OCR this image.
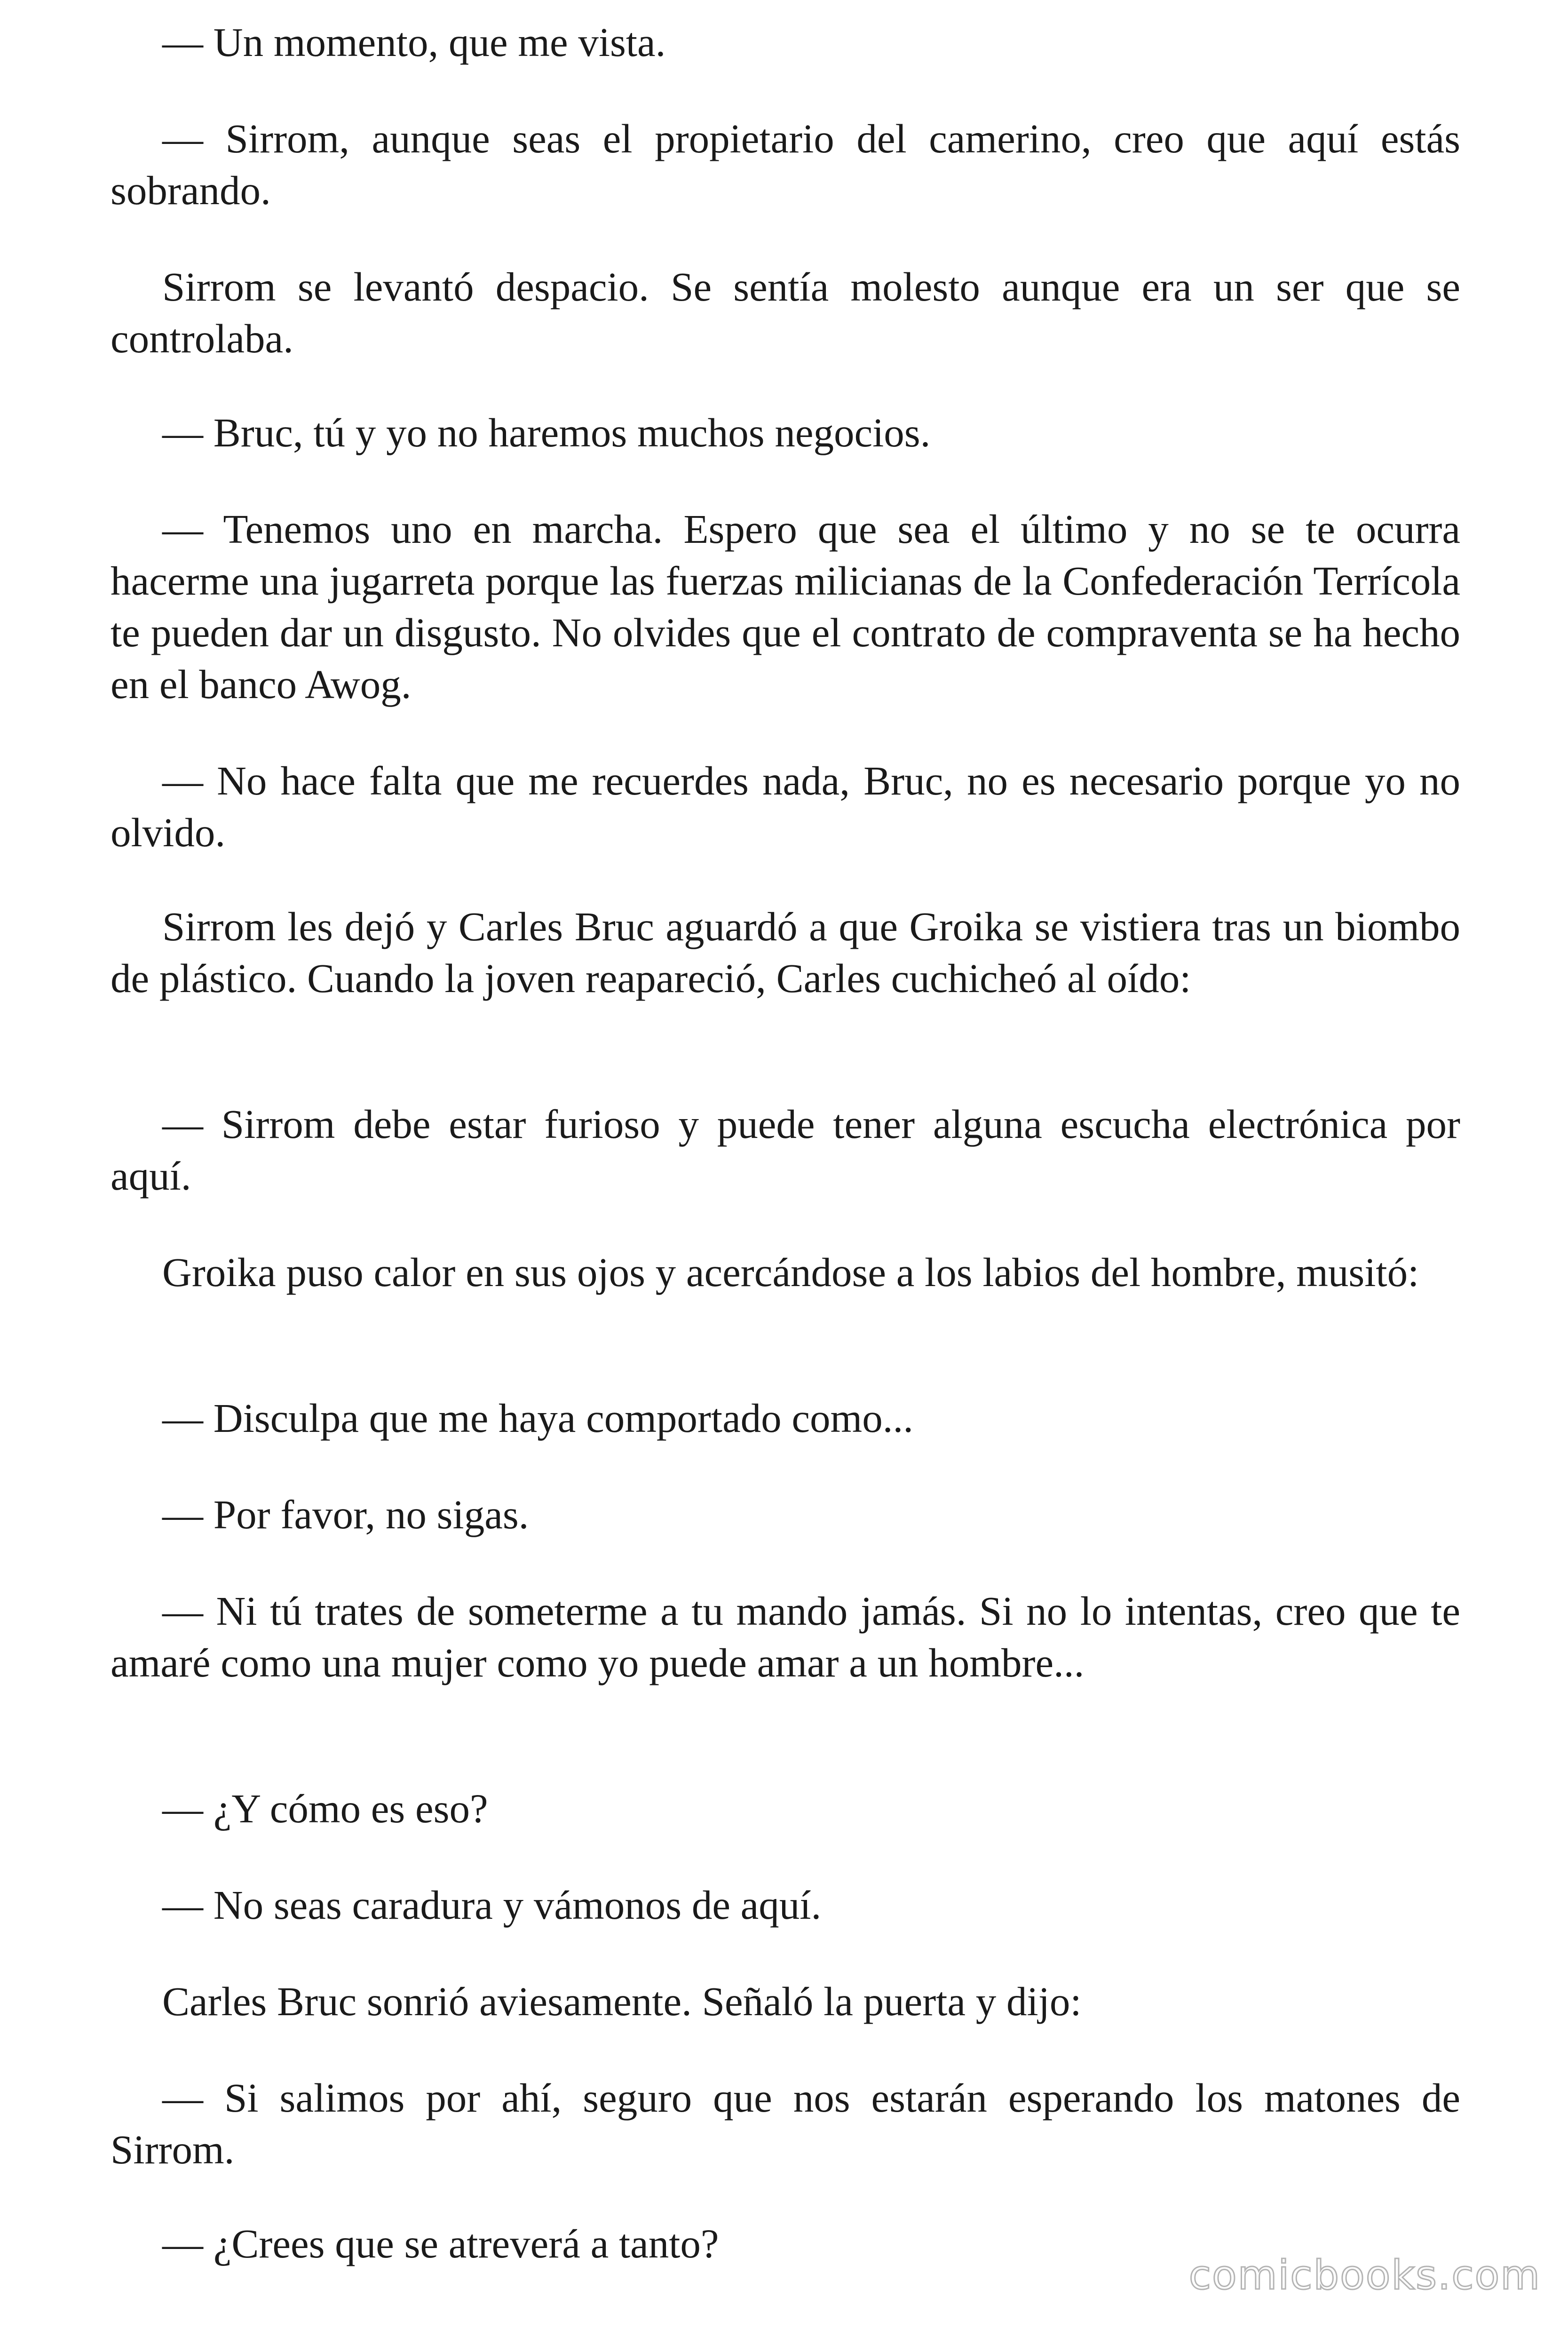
— Un momento, que me vista.

— Sirrom, aunque seas el propietario del camerino, creo que aquí estás sobrando.

Sirrom se levantó despacio. Se sentía molesto aunque era un ser que se controlaba.

— Bruc, tú y yo no haremos muchos negocios.

— Tenemos uno en marcha. Espero que sea el último y no se te ocurra hacerme una jugarreta porque las fuerzas milicianas de la Confederación Terrícola te pueden dar un disgusto. No olvides que el contrato de compraventa se ha hecho en el banco Awog.

— No hace falta que me recuerdes nada, Bruc, no es necesario porque yo no olvido.

Sirrom les dejó y Carles Bruc aguardó a que Groika se vistiera tras un biombo de plástico. Cuando la joven reapareció, Carles cuchicheó al oído:

— Sirrom debe estar furioso y puede tener alguna escucha electrónica por aquí.

Groika puso calor en sus ojos y acercándose a los labios del hombre, musitó:

— Disculpa que me haya comportado como...

— Por favor, no sigas.

— Ni tú trates de someterme a tu mando jamás. Si no lo intentas, creo que te amaré como una mujer como yo puede amar a un hombre...

— ¿Y cómo es eso?

— No seas caradura y vámonos de aquí.

Carles Bruc sonrió aviesamente. Señaló la puerta y dijo:

— Si salimos por ahí, seguro que nos estarán esperando los matones de Sirrom.

— ¿Crees que se atreverá a tanto?

comicbooks.com
